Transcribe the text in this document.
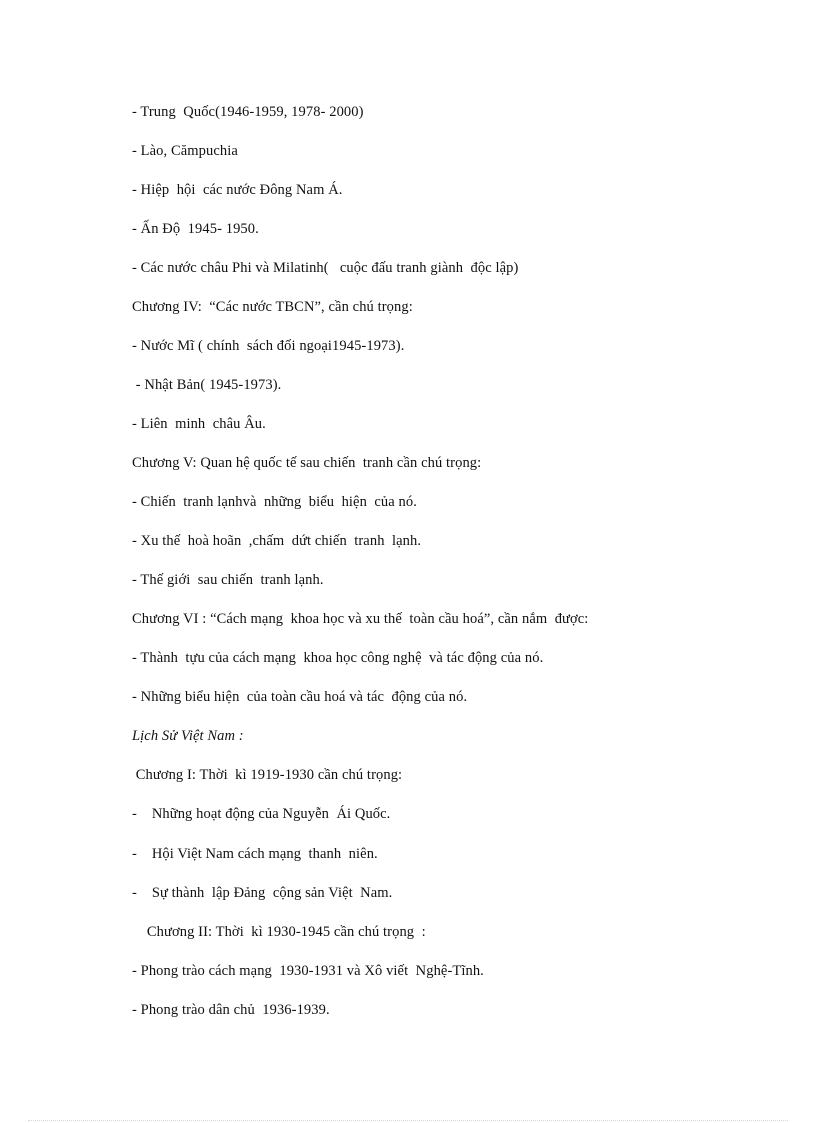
- Trung  Quốc(1946-1959, 1978- 2000)
- Lào, Cămpuchia
- Hiệp  hội  các nước Đông Nam Á.
- Ấn Độ  1945- 1950.
- Các nước châu Phi và Milatinh(   cuộc đấu tranh giành  độc lập)
Chương IV:  “Các nước TBCN”, cần chú trọng:
- Nước Mĩ ( chính  sách đối ngoại1945-1973).
- Nhật Bản( 1945-1973).
- Liên  minh  châu Âu.
Chương V: Quan hệ quốc tế sau chiến  tranh cần chú trọng:
- Chiến  tranh lạnhvà  những  biểu  hiện  của nó.
- Xu thế  hoà hoãn  ,chấm  dứt chiến  tranh  lạnh.
- Thế giới  sau chiến  tranh lạnh.
Chương VI : “Cách mạng  khoa học và xu thế  toàn cầu hoá”, cần nắm  được:
- Thành  tựu của cách mạng  khoa học công nghệ  và tác động của nó.
- Những biểu hiện  của toàn cầu hoá và tác  động của nó.
Lịch Sử Việt Nam :
Chương I: Thời  kì 1919-1930 cần chú trọng:
-    Những hoạt động của Nguyễn  Ái Quốc.
-    Hội Việt Nam cách mạng  thanh  niên.
-    Sự thành  lập Đảng  cộng sản Việt  Nam.
Chương II: Thời  kì 1930-1945 cần chú trọng  :
- Phong trào cách mạng  1930-1931 và Xô viết  Nghệ-Tĩnh.
- Phong trào dân chủ  1936-1939.
